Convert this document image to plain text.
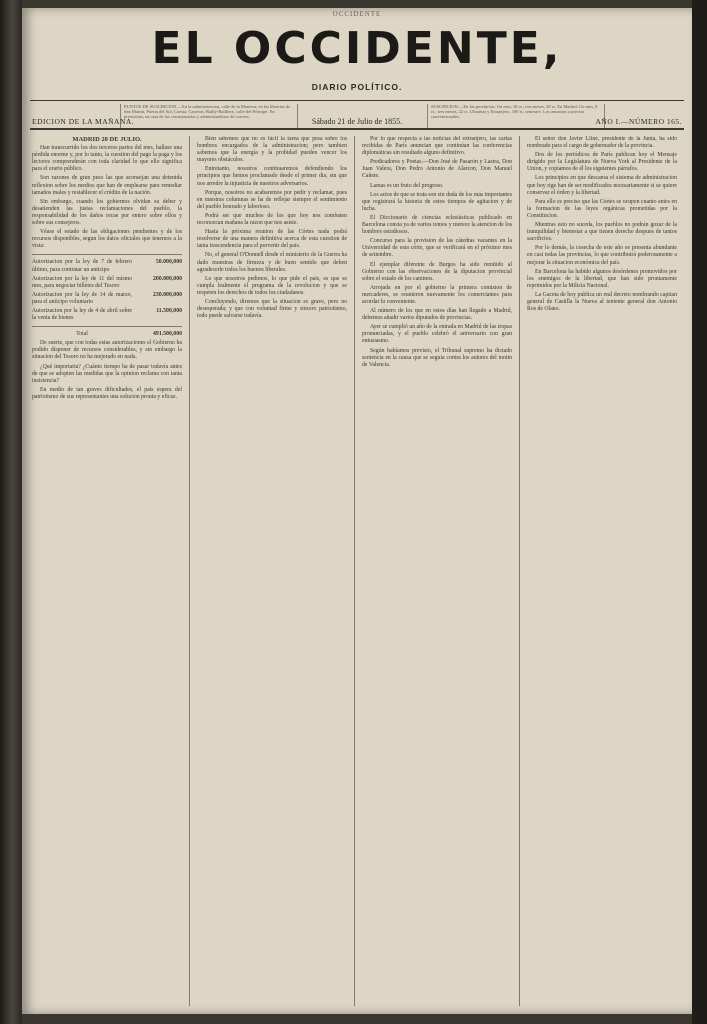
OCCIDENTE
EL OCCIDENTE,
DIARIO POLÍTICO.
PUNTOS DE SUSCRICION.—En la administracion, calle de la Montera; en las librerías de San Martin, Puerta del Sol; Cuesta, Carretas; Bailly-Bailliere, calle del Príncipe. En provincias, en casa de los comisionados y administradores de correos.
SUSCRICION.—En las provincias: Un mes, 10 rs.; tres meses, 28 rs. En Madrid: Un mes, 8 rs.; tres meses, 22 rs. Ultramar y Extranjero, 100 rs. semestre. Los anuncios a precios convencionales.
EDICION DE LA MAÑANA.	Sábado 21 de Julio de 1855.	AÑO I.—NÚMERO 165.

MADRID 20 DE JULIO.

Han transcurrido los dos terceros partes del mes, hallase una pérdida enorme y, por lo tanto, la cuestion del pago la paga y los lectores comprenderán con toda claridad lo que ello significa para el erario público.

Son razones de gran peso las que aconsejan una detenida reflexion sobre los medios que han de emplearse para remediar tamaños males y restablecer el crédito de la nación.

Sin embargo, cuando los gobiernos olvidan su deber y desatienden las justas reclamaciones del pueblo, la responsabilidad de los daños recae por entero sobre ellos y sobre sus consejeros.

Véase el estado de las obligaciones pendientes y de los recursos disponibles, segun los datos oficiales que tenemos a la vista:

Autorizacion por la ley de 7 de febrero último, para contratar un anticipo
50.000,000
Autorizacion por la ley de 11 del mismo mes, para negociar billetes del Tesoro
200.000,000
Autorizacion por la ley de 14 de marzo, para el anticipo voluntario
230.000,000
Autorizacion por la ley de 4 de abril sobre la venta de bienes
11.500,000
Total	491.500,000

De suerte, que con todas estas autorizaciones el Gobierno ha podido disponer de recursos considerables, y sin embargo la situacion del Tesoro no ha mejorado en nada.

¿Qué importaria? ¿Cuánto tiempo ha de pasar todavía antes de que se adopten las medidas que la opinion reclama con tanta insistencia?

En medio de tan graves dificultades, el pais espera del patriotismo de sus representantes una solucion pronta y eficaz.

Bien sabemos que no es fácil la tarea que pesa sobre los hombres encargados de la administracion; pero tambien sabemos que la energía y la probidad pueden vencer los mayores obstáculos.

Entretanto, nosotros continuaremos defendiendo los principios que hemos proclamado desde el primer dia, sin que nos arredre la injusticia de nuestros adversarios.

Porque, nosotros no acabaremos por pedir y reclamar, pues en nuestras columnas se ha de reflejar siempre el sentimiento del pueblo honrado y laborioso.

Podrá ser que muchos de los que hoy nos combaten reconozcan mañana la razon que nos asiste.

Hasta la próxima reunion de las Córtes nada podrá resolverse de una manera definitiva acerca de esta cuestion de tanta trascendencia para el porvenir del pais.

No, el general O'Donnell desde el ministerio de la Guerra ha dado muestras de firmeza y de buen sentido que deben agradecerle todos los buenos liberales.

Lo que nosotros pedimos, lo que pide el pais, es que se cumpla lealmente el programa de la revolucion y que se respeten los derechos de todos los ciudadanos.

Concluyendo, diremos que la situacion es grave, pero no desesperada; y que con voluntad firme y sincero patriotismo, todo puede salvarse todavía.

Por lo que respecta a las noticias del extranjero, las cartas recibidas de París anuncian que continúan las conferencias diplomáticas sin resultado alguno definitivo.

Predicadores y Poetas.—Don José de Pasarón y Lastra, Don Juan Valera, Don Pedro Antonio de Alarcon, Don Manuel Cañete.

Lamas es un fruto del progreso.

Los actos de que se trata son sin duda de los más importantes que registrará la historia de estos tiempos de agitacion y de lucha.

El Diccionario de ciencias eclesiásticas publicado en Barcelona consta ya de varios tomos y merece la atencion de los hombres estudiosos.

Concurso para la provision de las cátedras vacantes en la Universidad de esta córte, que se verificará en el próximo mes de setiembre.

El ejemplar diferente de Burgos ha sido remitido al Gobierno con las observaciones de la diputacion provincial sobre el estado de los caminos.

Arrojada en por el gobierno la primera comision de mercaderes, se reunieron nuevamente los comerciantes para acordar lo conveniente.

Al número de los que en estos días han llegado a Madrid, debemos añadir varios diputados de provincias.

Ayer se cumplió un año de la entrada en Madrid de las tropas pronunciadas, y el pueblo celebró el aniversario con gran entusiasmo.

Según habíamos previsto, el Tribunal supremo ha dictado sentencia en la causa que se seguia contra los autores del motin de Valencia.

El señor don Javier Lliné, presidente de la Junta, ha sido nombrado para el cargo de gobernador de la provincia.

Dos de los periódicos de París publican hoy el Mensaje dirigido por la Legislatura de Nueva York al Presidente de la Union, y copiamos de él los siguientes párrafos.

Los principios en que descansa el sistema de administracion que hoy rige han de ser modificados necesariamente si se quiere conservar el órden y la libertad.

Para ello es preciso que las Córtes se ocupen cuanto antes en la formacion de las leyes orgánicas prometidas por la Constitucion.

Mientras esto no suceda, los pueblos no podrán gozar de la tranquilidad y bienestar a que tienen derecho despues de tantos sacrificios.

Por lo demás, la cosecha de este año se presenta abundante en casi todas las provincias, lo que contribuirá poderosamente a mejorar la situacion económica del país.

En Barcelona ha habido algunos desórdenes promovidos por los enemigos de la libertad, que han sido prontamente reprimidos por la Milicia Nacional.

La Gaceta de hoy publica un real decreto nombrando capitan general de Castilla la Nueva al teniente general don Antonio Ros de Olano.
